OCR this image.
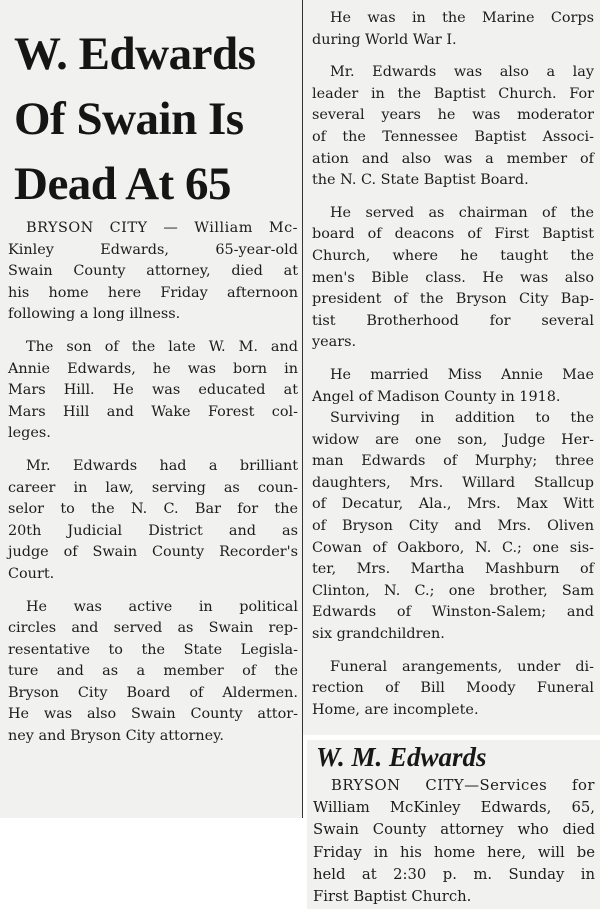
W. Edwards
Of Swain Is
Dead At 65

BRYSON CITY — William Mc-
Kinley Edwards, 65-year-old
Swain County attorney, died at
his home here Friday afternoon
following a long illness.

The son of the late W. M. and
Annie Edwards, he was born in
Mars Hill. He was educated at
Mars Hill and Wake Forest col-
leges.

Mr. Edwards had a brilliant
career in law, serving as coun-
selor to the N. C. Bar for the
20th Judicial District and as
judge of Swain County Recorder's
Court.

He was active in political
circles and served as Swain rep-
resentative to the State Legisla-
ture and as a member of the
Bryson City Board of Aldermen.
He was also Swain County attor-
ney and Bryson City attorney.

He was in the Marine Corps
during World War I.

Mr. Edwards was also a lay
leader in the Baptist Church. For
several years he was moderator
of the Tennessee Baptist Associ-
ation and also was a member of
the N. C. State Baptist Board.

He served as chairman of the
board of deacons of First Baptist
Church, where he taught the
men's Bible class. He was also
president of the Bryson City Bap-
tist Brotherhood for several
years.

He married Miss Annie Mae
Angel of Madison County in 1918.

Surviving in addition to the
widow are one son, Judge Her-
man Edwards of Murphy; three
daughters, Mrs. Willard Stallcup
of Decatur, Ala., Mrs. Max Witt
of Bryson City and Mrs. Oliven
Cowan of Oakboro, N. C.; one sis-
ter, Mrs. Martha Mashburn of
Clinton, N. C.; one brother, Sam
Edwards of Winston-Salem; and
six grandchildren.

Funeral arangements, under di-
rection of Bill Moody Funeral
Home, are incomplete.

W. M. Edwards

BRYSON CITY—Services for
William McKinley Edwards, 65,
Swain County attorney who died
Friday in his home here, will be
held at 2:30 p. m. Sunday in
First Baptist Church.
